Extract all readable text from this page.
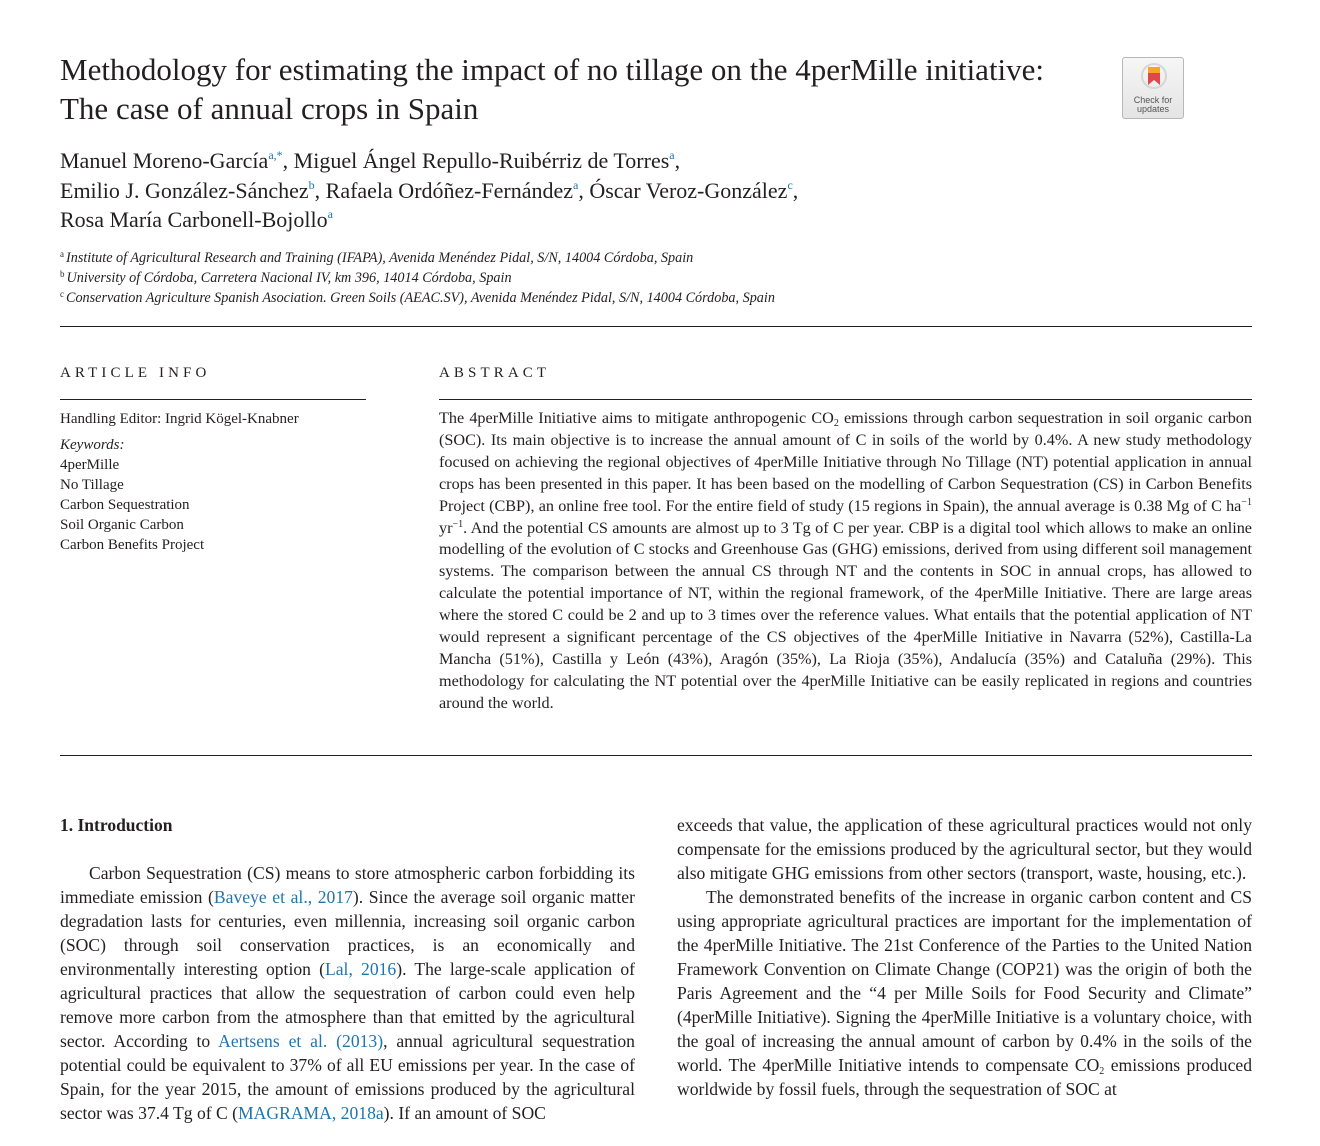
Methodology for estimating the impact of no tillage on the 4perMille initiative: The case of annual crops in Spain	Check for
updates
Manuel Moreno-García$^{a,*}$, Miguel Ángel Repullo-Ruibérriz de Torres$^a$,
Emilio J. González-Sánchez$^b$, Rafaela Ordóñez-Fernández$^a$, Óscar Veroz-González$^c$,
Rosa María Carbonell-Bojollo$^a$
$^a$ Institute of Agricultural Research and Training (IFAPA), Avenida Menéndez Pidal, S/N, 14004 Córdoba, Spain
$^b$ University of Córdoba, Carretera Nacional IV, km 396, 14014 Córdoba, Spain
$^c$ Conservation Agriculture Spanish Asociation. Green Soils (AEAC.SV), Avenida Menéndez Pidal, S/N, 14004 Córdoba, Spain
ARTICLE INFO	ABSTRACT
Handling Editor: Ingrid Kögel-Knabner
Keywords:
4perMille
No Tillage
Carbon Sequestration
Soil Organic Carbon
Carbon Benefits Project

The 4perMille Initiative aims to mitigate anthropogenic $CO_2$ emissions through carbon sequestration in soil organic carbon (SOC). Its main objective is to increase the annual amount of C in soils of the world by 0.4%. A new study methodology focused on achieving the regional objectives of 4perMille Initiative through No Tillage (NT) potential application in annual crops has been presented in this paper. It has been based on the modelling of Carbon Sequestration (CS) in Carbon Benefits Project (CBP), an online free tool. For the entire field of study (15 regions in Spain), the annual average is 0.38 Mg of C $ha^{-1}$ $yr^{-1}$. And the potential CS amounts are almost up to 3 Tg of C per year. CBP is a digital tool which allows to make an online modelling of the evolution of C stocks and Greenhouse Gas (GHG) emissions, derived from using different soil management systems. The comparison between the annual CS through NT and the contents in SOC in annual crops, has allowed to calculate the potential importance of NT, within the regional framework, of the 4perMille Initiative. There are large areas where the stored C could be 2 and up to 3 times over the reference values. What entails that the potential application of NT would represent a significant percentage of the CS objectives of the 4perMille Initiative in Navarra (52%), Castilla-La Mancha (51%), Castilla y León (43%), Aragón (35%), La Rioja (35%), Andalucía (35%) and Cataluña (29%). This methodology for calculating the NT potential over the 4perMille Initiative can be easily replicated in regions and countries around the world.

1. Introduction

Carbon Sequestration (CS) means to store atmospheric carbon forbidding its immediate emission (Baveye et al., 2017). Since the average soil organic matter degradation lasts for centuries, even millennia, increasing soil organic carbon (SOC) through soil conservation practices, is an economically and environmentally interesting option (Lal, 2016). The large-scale application of agricultural practices that allow the sequestration of carbon could even help remove more carbon from the atmosphere than that emitted by the agricultural sector. According to Aertsens et al. (2013), annual agricultural sequestration potential could be equivalent to 37% of all EU emissions per year. In the case of Spain, for the year 2015, the amount of emissions produced by the agricultural sector was 37.4 Tg of C (MAGRAMA, 2018a). If an amount of SOC

exceeds that value, the application of these agricultural practices would not only compensate for the emissions produced by the agricultural sector, but they would also mitigate GHG emissions from other sectors (transport, waste, housing, etc.).

The demonstrated benefits of the increase in organic carbon content and CS using appropriate agricultural practices are important for the implementation of the 4perMille Initiative. The 21st Conference of the Parties to the United Nation Framework Convention on Climate Change (COP21) was the origin of both the Paris Agreement and the “4 per Mille Soils for Food Security and Climate” (4perMille Initiative). Signing the 4perMille Initiative is a voluntary choice, with the goal of increasing the annual amount of carbon by 0.4% in the soils of the world. The 4perMille Initiative intends to compensate $CO_2$ emissions produced worldwide by fossil fuels, through the sequestration of SOC at
